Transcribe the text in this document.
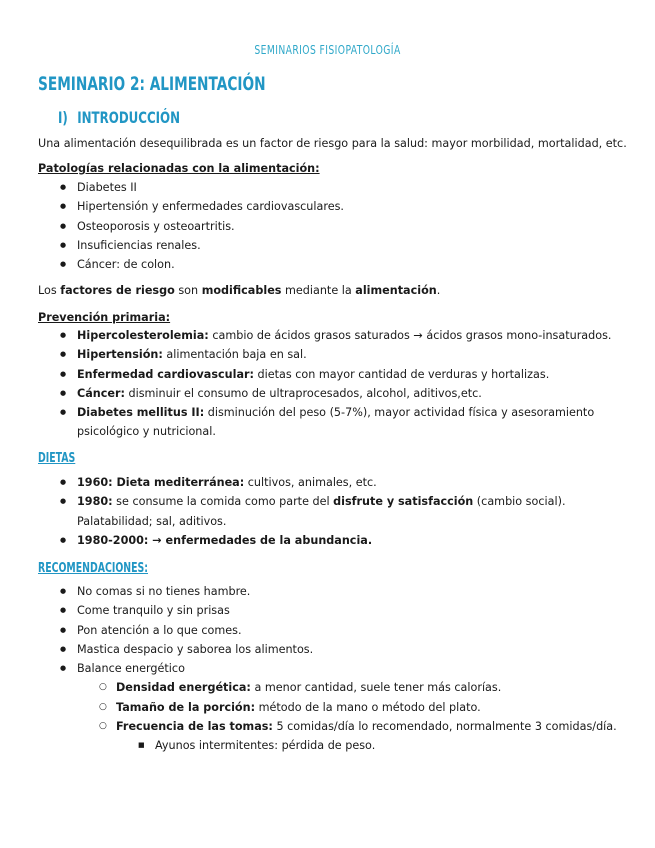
SEMINARIOS FISIOPATOLOGÍA
SEMINARIO 2: ALIMENTACIÓN
I) INTRODUCCIÓN
Una alimentación desequilibrada es un factor de riesgo para la salud: mayor morbilidad, mortalidad, etc.
Patologías relacionadas con la alimentación:
● Diabetes II
● Hipertensión y enfermedades cardiovasculares.
● Osteoporosis y osteoartritis.
● Insuficiencias renales.
● Cáncer: de colon.
Los factores de riesgo son modificables mediante la alimentación.
Prevención primaria:
● Hipercolesterolemia: cambio de ácidos grasos saturados → ácidos grasos mono-insaturados.
● Hipertensión: alimentación baja en sal.
● Enfermedad cardiovascular: dietas con mayor cantidad de verduras y hortalizas.
● Cáncer: disminuir el consumo de ultraprocesados, alcohol, aditivos,etc.
● Diabetes mellitus II: disminución del peso (5-7%), mayor actividad física y asesoramiento psicológico y nutricional.
DIETAS
● 1960: Dieta mediterránea: cultivos, animales, etc.
● 1980: se consume la comida como parte del disfrute y satisfacción (cambio social). Palatabilidad; sal, aditivos.
● 1980-2000: → enfermedades de la abundancia.
RECOMENDACIONES:
● No comas si no tienes hambre.
● Come tranquilo y sin prisas
● Pon atención a lo que comes.
● Mastica despacio y saborea los alimentos.
● Balance energético
○ Densidad energética: a menor cantidad, suele tener más calorías.
○ Tamaño de la porción: método de la mano o método del plato.
○ Frecuencia de las tomas: 5 comidas/día lo recomendado, normalmente 3 comidas/día.
■ Ayunos intermitentes: pérdida de peso.
